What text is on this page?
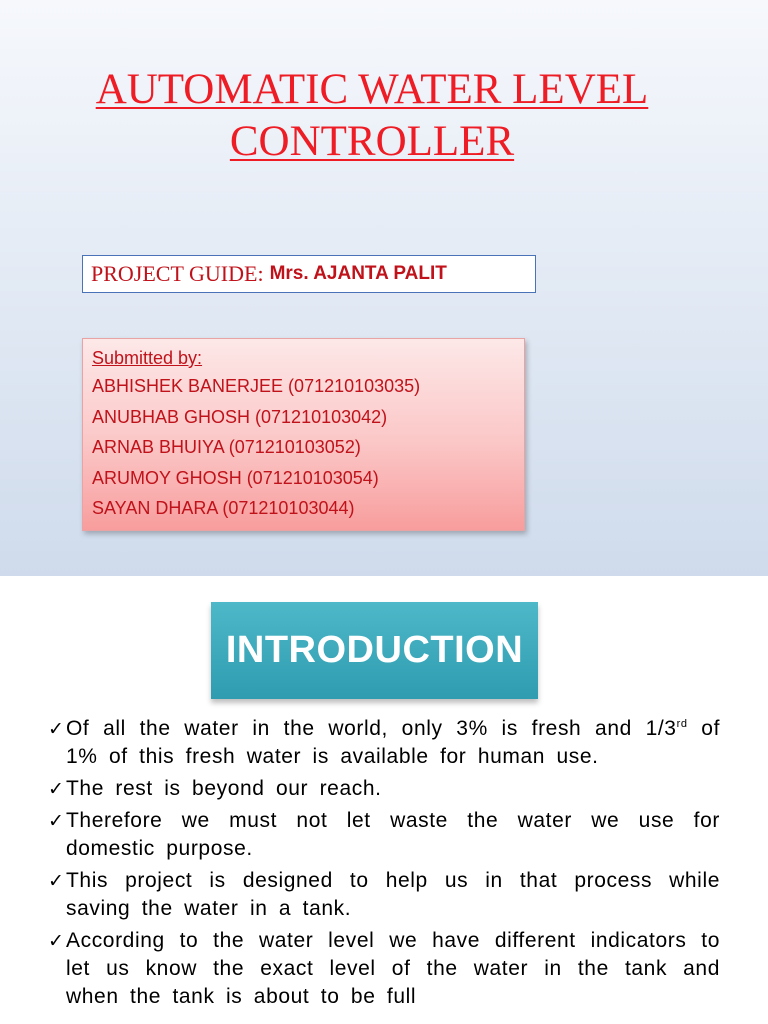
AUTOMATIC WATER LEVEL
CONTROLLER
PROJECT GUIDE: Mrs. AJANTA PALIT
Submitted by:
ABHISHEK BANERJEE (071210103035)
ANUBHAB GHOSH (071210103042)
ARNAB BHUIYA (071210103052)
ARUMOY GHOSH (071210103054)
SAYAN DHARA (071210103044)
INTRODUCTION
✓ Of all the water in the world, only 3% is fresh and 1/3rd of 1% of this fresh water is available for human use.
✓ The rest is beyond our reach.
✓ Therefore we must not let waste the water we use for domestic purpose.
✓ This project is designed to help us in that process while saving the water in a tank.
✓ According to the water level we have different indicators to let us know the exact level of the water in the tank and when the tank is about to be full
